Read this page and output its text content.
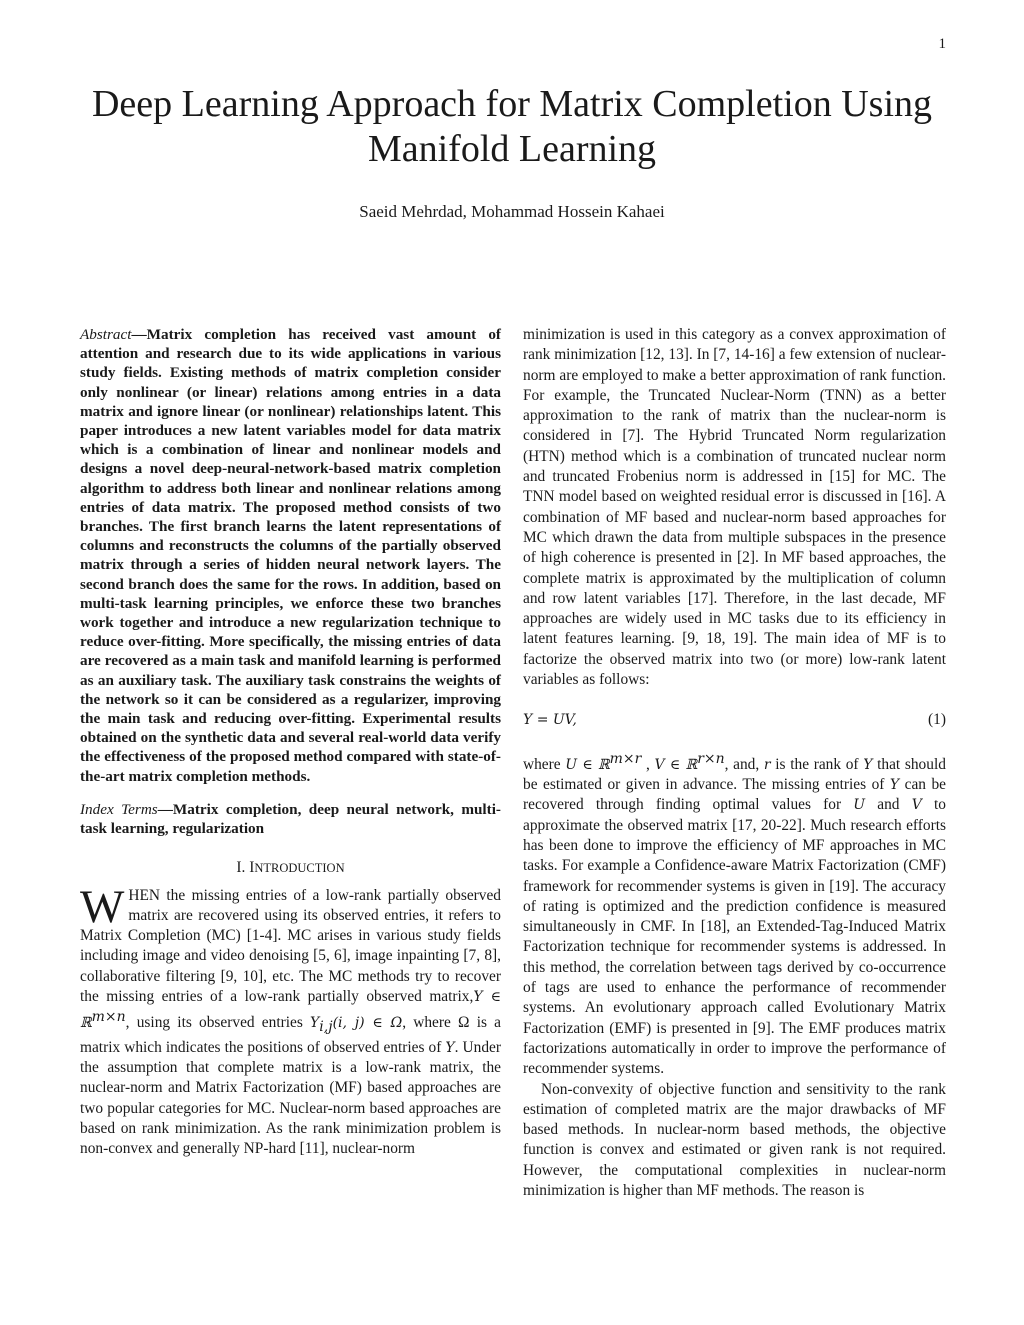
1
Deep Learning Approach for Matrix Completion Using Manifold Learning
Saeid Mehrdad, Mohammad Hossein Kahaei

Abstract—Matrix completion has received vast amount of attention and research due to its wide applications in various study fields. Existing methods of matrix completion consider only nonlinear (or linear) relations among entries in a data matrix and ignore linear (or nonlinear) relationships latent. This paper introduces a new latent variables model for data matrix which is a combination of linear and nonlinear models and designs a novel deep-neural-network-based matrix completion algorithm to address both linear and nonlinear relations among entries of data matrix. The proposed method consists of two branches. The first branch learns the latent representations of columns and reconstructs the columns of the partially observed matrix through a series of hidden neural network layers. The second branch does the same for the rows. In addition, based on multi-task learning principles, we enforce these two branches work together and introduce a new regularization technique to reduce over-fitting. More specifically, the missing entries of data are recovered as a main task and manifold learning is performed as an auxiliary task. The auxiliary task constrains the weights of the network so it can be considered as a regularizer, improving the main task and reducing over-fitting. Experimental results obtained on the synthetic data and several real-world data verify the effectiveness of the proposed method compared with state-of-the-art matrix completion methods.

Index Terms—Matrix completion, deep neural network, multi-task learning, regularization

I. INTRODUCTION

WHEN the missing entries of a low-rank partially observed matrix are recovered using its observed entries, it refers to Matrix Completion (MC) [1-4]. MC arises in various study fields including image and video denoising [5, 6], image inpainting [7, 8], collaborative filtering [9, 10], etc. The MC methods try to recover the missing entries of a low-rank partially observed matrix,Y ∈ ℝ$^{m\times n}$, using its observed entries $Y_{i,j}(i$, j) ∈ Ω, where Ω is a matrix which indicates the positions of observed entries of Y. Under the assumption that complete matrix is a low-rank matrix, the nuclear-norm and Matrix Factorization (MF) based approaches are two popular categories for MC. Nuclear-norm based approaches are based on rank minimization. As the rank minimization problem is non-convex and generally NP-hard [11], nuclear-norm

minimization is used in this category as a convex approximation of rank minimization [12, 13]. In [7, 14-16] a few extension of nuclear-norm are employed to make a better approximation of rank function. For example, the Truncated Nuclear-Norm (TNN) as a better approximation to the rank of matrix than the nuclear-norm is considered in [7]. The Hybrid Truncated Norm regularization (HTN) method which is a combination of truncated nuclear norm and truncated Frobenius norm is addressed in [15] for MC. The TNN model based on weighted residual error is discussed in [16]. A combination of MF based and nuclear-norm based approaches for MC which drawn the data from multiple subspaces in the presence of high coherence is presented in [2]. In MF based approaches, the complete matrix is approximated by the multiplication of column and row latent variables [17]. Therefore, in the last decade, MF approaches are widely used in MC tasks due to its efficiency in latent features learning. [9, 18, 19]. The main idea of MF is to factorize the observed matrix into two (or more) low-rank latent variables as follows:

Y = UV,	(1)

where U ∈ ℝ$^{m\times r}$ , V ∈ ℝ$^{r\times n}$, and, r is the rank of Y that should be estimated or given in advance. The missing entries of Y can be recovered through finding optimal values for U and V to approximate the observed matrix [17, 20-22]. Much research efforts has been done to improve the efficiency of MF approaches in MC tasks. For example a Confidence-aware Matrix Factorization (CMF) framework for recommender systems is given in [19]. The accuracy of rating is optimized and the prediction confidence is measured simultaneously in CMF. In [18], an Extended-Tag-Induced Matrix Factorization technique for recommender systems is addressed. In this method, the correlation between tags derived by co-occurrence of tags are used to enhance the performance of recommender systems. An evolutionary approach called Evolutionary Matrix Factorization (EMF) is presented in [9]. The EMF produces matrix factorizations automatically in order to improve the performance of recommender systems.

Non-convexity of objective function and sensitivity to the rank estimation of completed matrix are the major drawbacks of MF based methods. In nuclear-norm based methods, the objective function is convex and estimated or given rank is not required. However, the computational complexities in nuclear-norm minimization is higher than MF methods. The reason is
